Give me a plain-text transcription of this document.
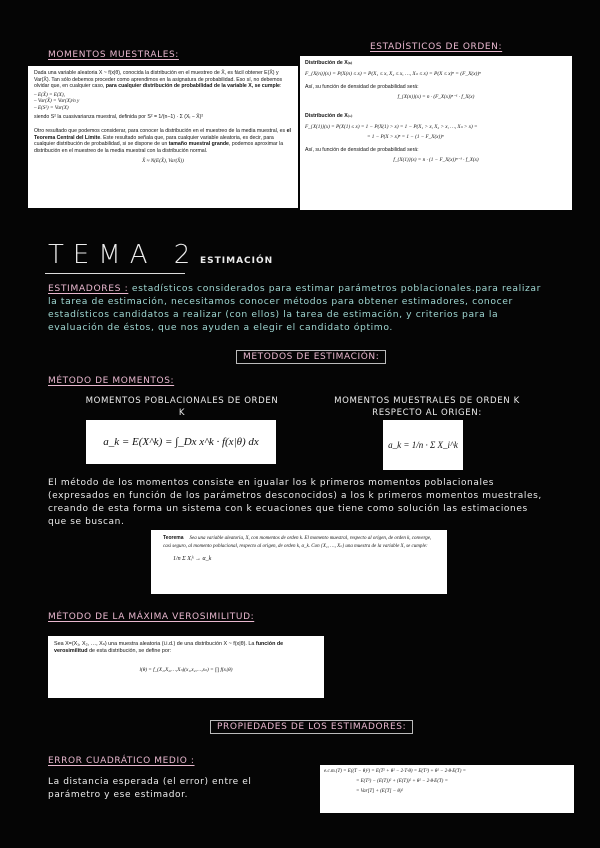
MOMENTOS MUESTRALES:

Dada una variable aleatoria X ~ f(x|θ), conocida la distribución en el muestreo de X̄, es fácil obtener E(X̄) y Var(X̄). Tan sólo debemos proceder como aprendimos en la asignatura de probabilidad. Eso sí, no debemos olvidar que, en cualquier caso, para cualquier distribución de probabilidad de la variable X, se cumple:

– E(X̄) = E(X),

– Var(X̄) = Var(X)/n y

– E(S²) = Var(X)

siendo S² la cuasivarianza muestral, definida por S² = 1/(n−1) · Σ (Xᵢ − X̄)²

Otro resultado que podemos considerar, para conocer la distribución en el muestreo de la media muestral, es el Teorema Central del Límite. Este resultado señala que, para cualquier variable aleatoria, es decir, para cualquier distribución de probabilidad, si se dispone de un tamaño muestral grande, podemos aproximar la distribución en el muestreo de la media muestral con la distribución normal.

X̄ ≈ N(E(X̄), Var(X̄))

ESTADÍSTICOS DE ORDEN:

Distribución de X₍ₙ₎

F_{X(n)}(x) = P(X(n) ≤ x) = P(X₁ ≤ x, X₂ ≤ x, …, Xₙ ≤ x) = P(X ≤ x)ⁿ = (F_X(x))ⁿ

Así, su función de densidad de probabilidad será:

f_{X(n)}(x) = n · (F_X(x))ⁿ⁻¹ · f_X(x)

Distribución de X₍₁₎

F_{X(1)}(x) = P(X(1) ≤ x) = 1 − P(X(1) > x) = 1 − P(X₁ > x, X₂ > x, …, Xₙ > x) =

= 1 − P(X > x)ⁿ = 1 − (1 − F_X(x))ⁿ

Así, su función de densidad de probabilidad será:

f_{X(1)}(x) = n · (1 − F_X(x))ⁿ⁻¹ · f_X(x)

TEMA 2 ESTIMACIÓN
ESTIMADORES : estadísticos considerados para estimar parámetros poblacionales.para realizar
la tarea de estimación, necesitamos conocer métodos para obtener estimadores, conocer
estadísticos candidatos a realizar (con ellos) la tarea de estimación, y criterios para la
evaluación de éstos, que nos ayuden a elegir el candidato óptimo.
METODOS DE ESTIMACIÓN:
MÉTODO DE MOMENTOS:
MOMENTOS POBLACIONALES DE ORDEN K
a_k = E(X^k) = ∫_Dx x^k · f(x|θ) dx
MOMENTOS MUESTRALES DE ORDEN K
RESPECTO AL ORIGEN:
a_k = 1/n · Σ X_i^k
El método de los momentos consiste en igualar los k primeros momentos poblacionales
(expresados en función de los parámetros desconocidos) a los k primeros momentos muestrales,
creando de esta forma un sistema con k ecuaciones que tiene como solución las estimaciones
que se buscan.

Teorema Sea una variable aleatoria, X, con momentos de orden k. El momento muestral, respecto al origen, de orden k, converge, casi seguro, al momento poblacional, respecto al origen, de orden k, α_k. Con {X₁, …, Xₙ} una muestra de la variable X, se cumple:

1/n Σ Xᵢᵏ → α_k

MÉTODO DE LA MÁXIMA VEROSIMILITUD:

Sea X=(X₁, X₂, …, Xₙ) una muestra aleatoria (i.i.d.) de una distribución X ~ f(x|θ). La función de verosimilitud de esta distribución, se define por:

l(θ) = f_(X₁,X₂,…,Xₙ)(x₁,x₂,…,xₙ) = ∏ f(xᵢ|θ)

PROPIEDADES DE LOS ESTIMADORES:
ERROR CUADRÁTICO MEDIO :
La distancia esperada (el error) entre el
parámetro y ese estimador.

e.c.m.(T) = E((T − θ)²) = E(T² + θ² − 2·T·θ) = E(T²) + θ² − 2·θ·E(T) =

= E(T²) − (E(T))² + (E(T))² + θ² − 2·θ·E(T) =

= Var[T] + (E[T] − θ)²
